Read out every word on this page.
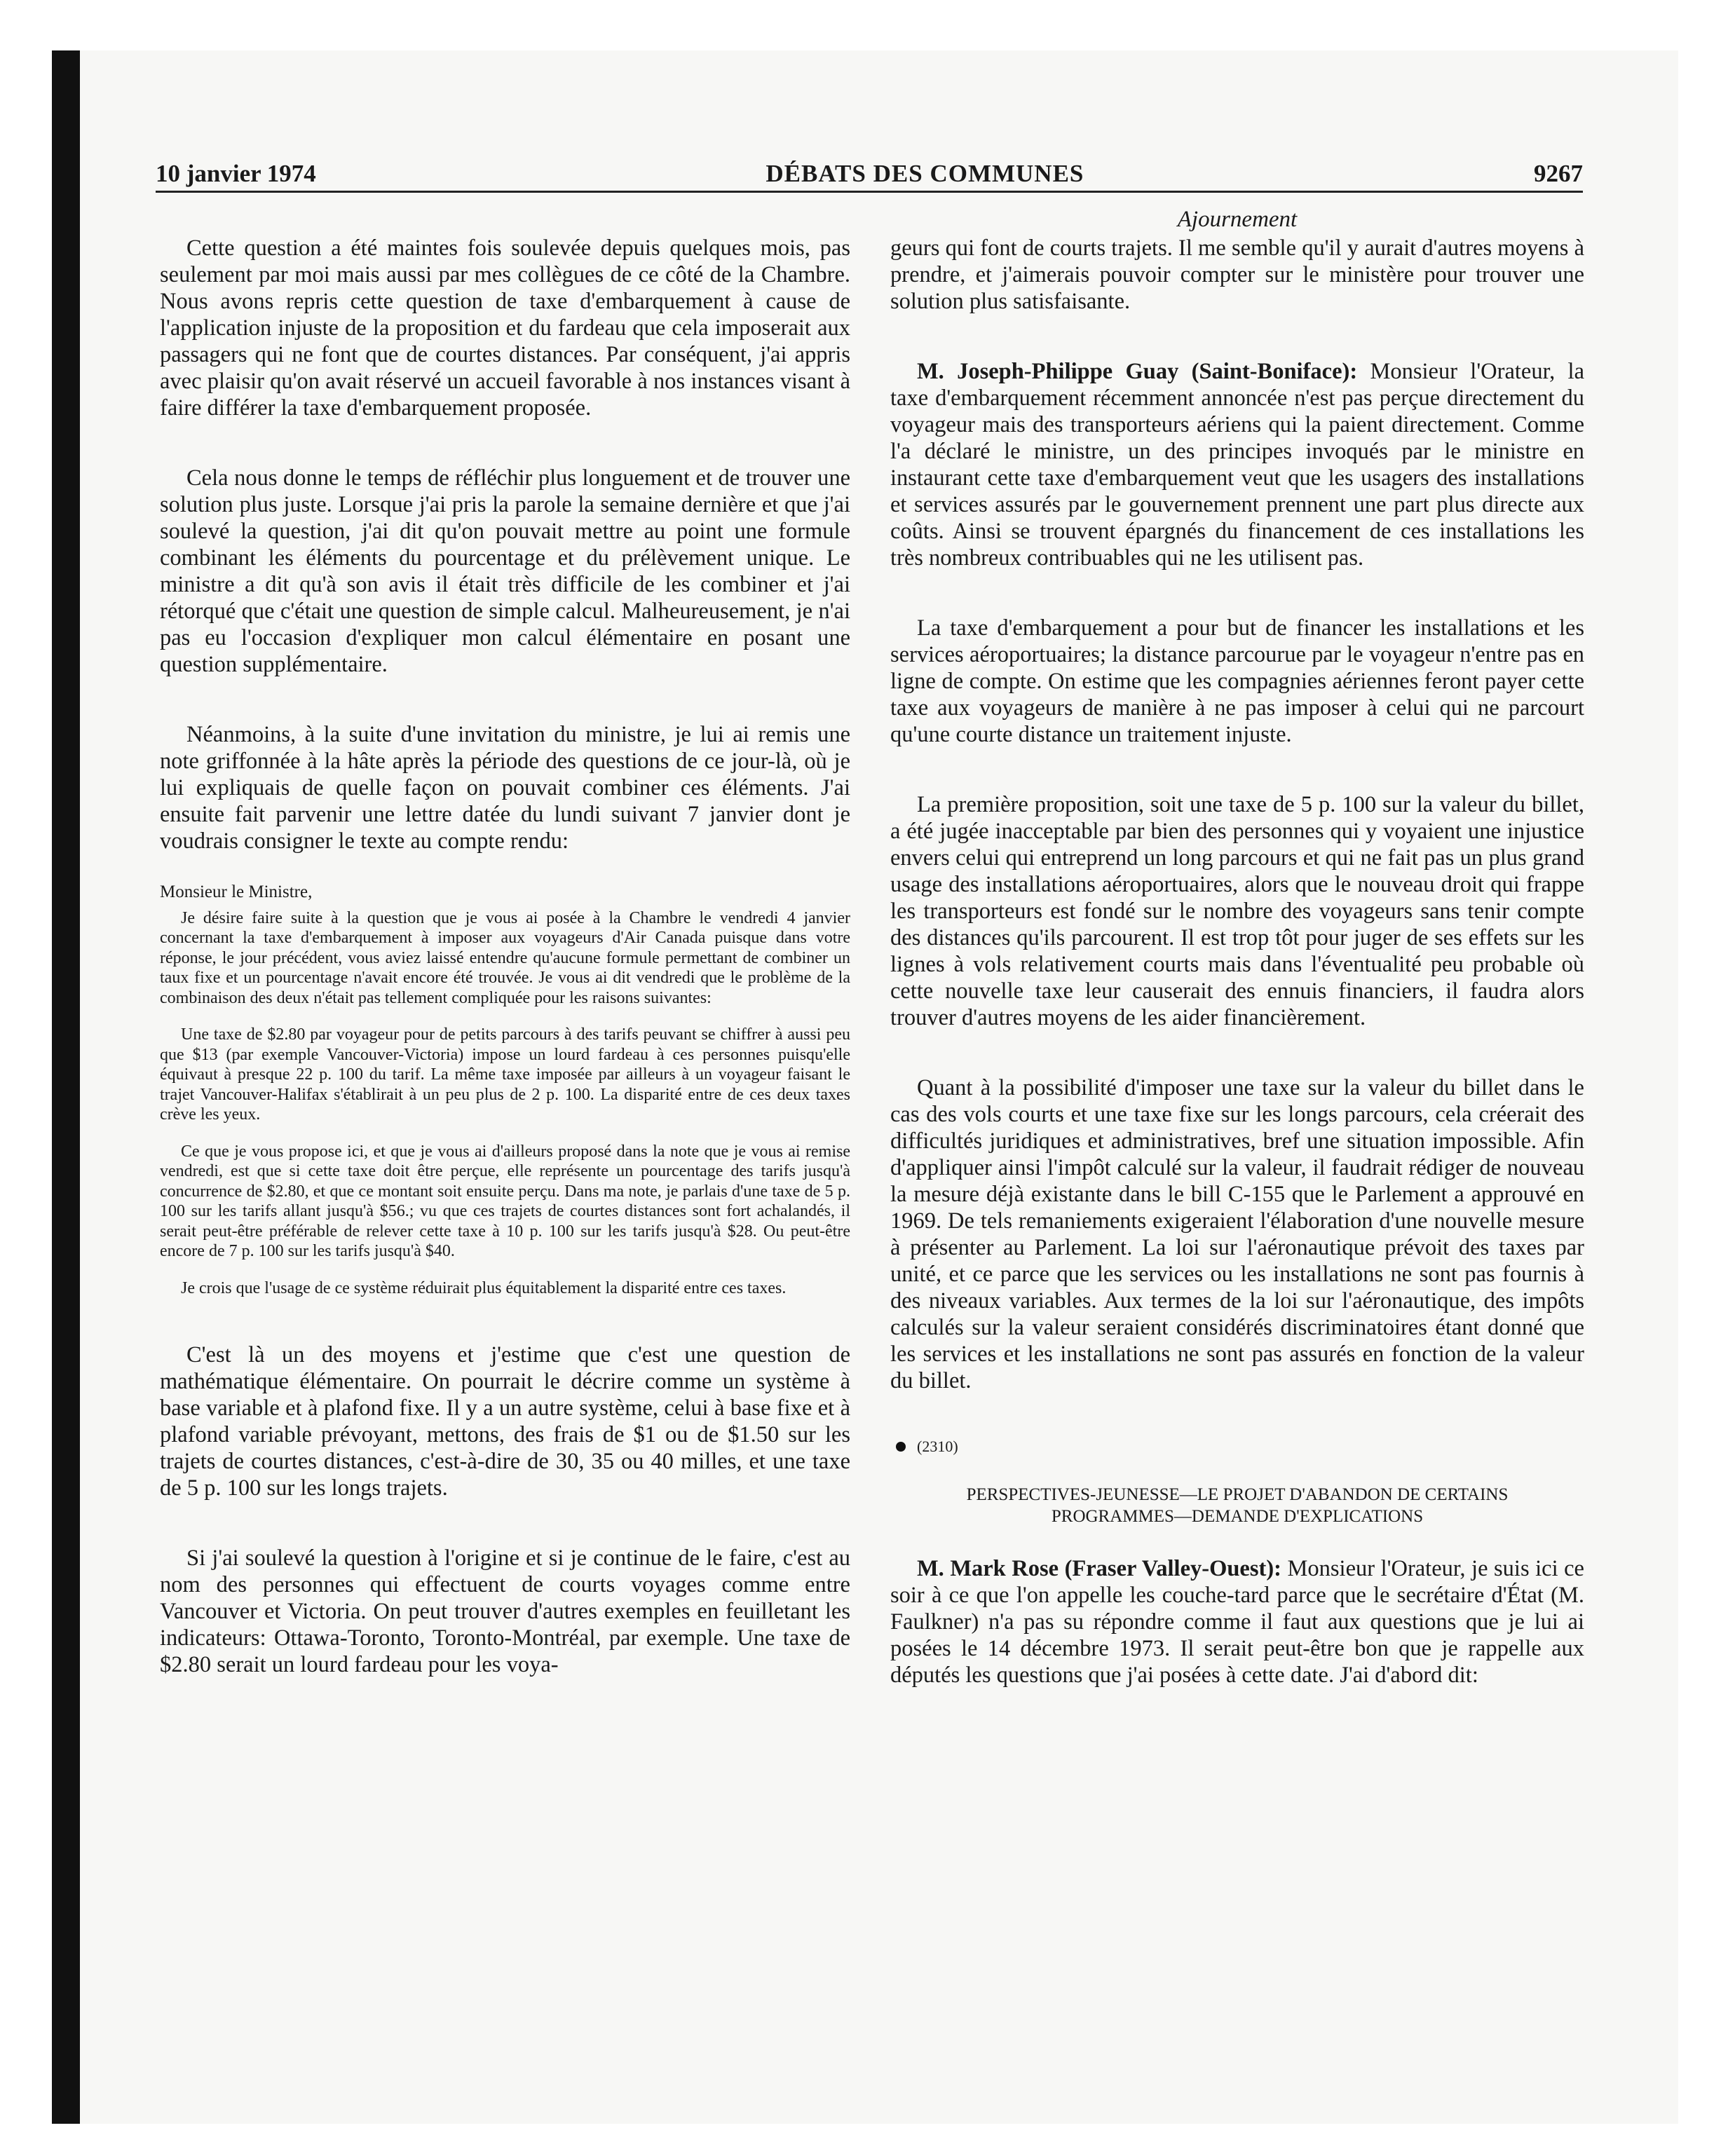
10 janvier 1974	DÉBATS DES COMMUNES	9267

Cette question a été maintes fois soulevée depuis quelques mois, pas seulement par moi mais aussi par mes collègues de ce côté de la Chambre. Nous avons repris cette question de taxe d'embarquement à cause de l'application injuste de la proposition et du fardeau que cela imposerait aux passagers qui ne font que de courtes distances. Par conséquent, j'ai appris avec plaisir qu'on avait réservé un accueil favorable à nos instances visant à faire différer la taxe d'embarquement proposée.

Cela nous donne le temps de réfléchir plus longuement et de trouver une solution plus juste. Lorsque j'ai pris la parole la semaine dernière et que j'ai soulevé la question, j'ai dit qu'on pouvait mettre au point une formule combinant les éléments du pourcentage et du prélèvement unique. Le ministre a dit qu'à son avis il était très difficile de les combiner et j'ai rétorqué que c'était une question de simple calcul. Malheureusement, je n'ai pas eu l'occasion d'expliquer mon calcul élémentaire en posant une question supplémentaire.

Néanmoins, à la suite d'une invitation du ministre, je lui ai remis une note griffonnée à la hâte après la période des questions de ce jour-là, où je lui expliquais de quelle façon on pouvait combiner ces éléments. J'ai ensuite fait parvenir une lettre datée du lundi suivant 7 janvier dont je voudrais consigner le texte au compte rendu:

Monsieur le Ministre,

Je désire faire suite à la question que je vous ai posée à la Chambre le vendredi 4 janvier concernant la taxe d'embarquement à imposer aux voyageurs d'Air Canada puisque dans votre réponse, le jour précédent, vous aviez laissé entendre qu'aucune formule permettant de combiner un taux fixe et un pourcentage n'avait encore été trouvée. Je vous ai dit vendredi que le problème de la combinaison des deux n'était pas tellement compliquée pour les raisons suivantes:

Une taxe de $2.80 par voyageur pour de petits parcours à des tarifs peuvant se chiffrer à aussi peu que $13 (par exemple Vancouver-Victoria) impose un lourd fardeau à ces personnes puisqu'elle équivaut à presque 22 p. 100 du tarif. La même taxe imposée par ailleurs à un voyageur faisant le trajet Vancouver-Halifax s'établirait à un peu plus de 2 p. 100. La disparité entre de ces deux taxes crève les yeux.

Ce que je vous propose ici, et que je vous ai d'ailleurs proposé dans la note que je vous ai remise vendredi, est que si cette taxe doit être perçue, elle représente un pourcentage des tarifs jusqu'à concurrence de $2.80, et que ce montant soit ensuite perçu. Dans ma note, je parlais d'une taxe de 5 p. 100 sur les tarifs allant jusqu'à $56.; vu que ces trajets de courtes distances sont fort achalandés, il serait peut-être préférable de relever cette taxe à 10 p. 100 sur les tarifs jusqu'à $28. Ou peut-être encore de 7 p. 100 sur les tarifs jusqu'à $40.

Je crois que l'usage de ce système réduirait plus équitablement la disparité entre ces taxes.

C'est là un des moyens et j'estime que c'est une question de mathématique élémentaire. On pourrait le décrire comme un système à base variable et à plafond fixe. Il y a un autre système, celui à base fixe et à plafond variable prévoyant, mettons, des frais de $1 ou de $1.50 sur les trajets de courtes distances, c'est-à-dire de 30, 35 ou 40 milles, et une taxe de 5 p. 100 sur les longs trajets.

Si j'ai soulevé la question à l'origine et si je continue de le faire, c'est au nom des personnes qui effectuent de courts voyages comme entre Vancouver et Victoria. On peut trouver d'autres exemples en feuilletant les indicateurs: Ottawa-Toronto, Toronto-Montréal, par exemple. Une taxe de $2.80 serait un lourd fardeau pour les voya-

Ajournement

geurs qui font de courts trajets. Il me semble qu'il y aurait d'autres moyens à prendre, et j'aimerais pouvoir compter sur le ministère pour trouver une solution plus satisfaisante.

M. Joseph-Philippe Guay (Saint-Boniface): Monsieur l'Orateur, la taxe d'embarquement récemment annoncée n'est pas perçue directement du voyageur mais des transporteurs aériens qui la paient directement. Comme l'a déclaré le ministre, un des principes invoqués par le ministre en instaurant cette taxe d'embarquement veut que les usagers des installations et services assurés par le gouvernement prennent une part plus directe aux coûts. Ainsi se trouvent épargnés du financement de ces installations les très nombreux contribuables qui ne les utilisent pas.

La taxe d'embarquement a pour but de financer les installations et les services aéroportuaires; la distance parcourue par le voyageur n'entre pas en ligne de compte. On estime que les compagnies aériennes feront payer cette taxe aux voyageurs de manière à ne pas imposer à celui qui ne parcourt qu'une courte distance un traitement injuste.

La première proposition, soit une taxe de 5 p. 100 sur la valeur du billet, a été jugée inacceptable par bien des personnes qui y voyaient une injustice envers celui qui entreprend un long parcours et qui ne fait pas un plus grand usage des installations aéroportuaires, alors que le nouveau droit qui frappe les transporteurs est fondé sur le nombre des voyageurs sans tenir compte des distances qu'ils parcourent. Il est trop tôt pour juger de ses effets sur les lignes à vols relativement courts mais dans l'éventualité peu probable où cette nouvelle taxe leur causerait des ennuis financiers, il faudra alors trouver d'autres moyens de les aider financièrement.

Quant à la possibilité d'imposer une taxe sur la valeur du billet dans le cas des vols courts et une taxe fixe sur les longs parcours, cela créerait des difficultés juridiques et administratives, bref une situation impossible. Afin d'appliquer ainsi l'impôt calculé sur la valeur, il faudrait rédiger de nouveau la mesure déjà existante dans le bill C-155 que le Parlement a approuvé en 1969. De tels remaniements exigeraient l'élaboration d'une nouvelle mesure à présenter au Parlement. La loi sur l'aéronautique prévoit des taxes par unité, et ce parce que les services ou les installations ne sont pas fournis à des niveaux variables. Aux termes de la loi sur l'aéronautique, des impôts calculés sur la valeur seraient considérés discriminatoires étant donné que les services et les installations ne sont pas assurés en fonction de la valeur du billet.

(2310)

PERSPECTIVES-JEUNESSE—LE PROJET D'ABANDON DE CERTAINS PROGRAMMES—DEMANDE D'EXPLICATIONS

M. Mark Rose (Fraser Valley-Ouest): Monsieur l'Orateur, je suis ici ce soir à ce que l'on appelle les couche-tard parce que le secrétaire d'État (M. Faulkner) n'a pas su répondre comme il faut aux questions que je lui ai posées le 14 décembre 1973. Il serait peut-être bon que je rappelle aux députés les questions que j'ai posées à cette date. J'ai d'abord dit:
